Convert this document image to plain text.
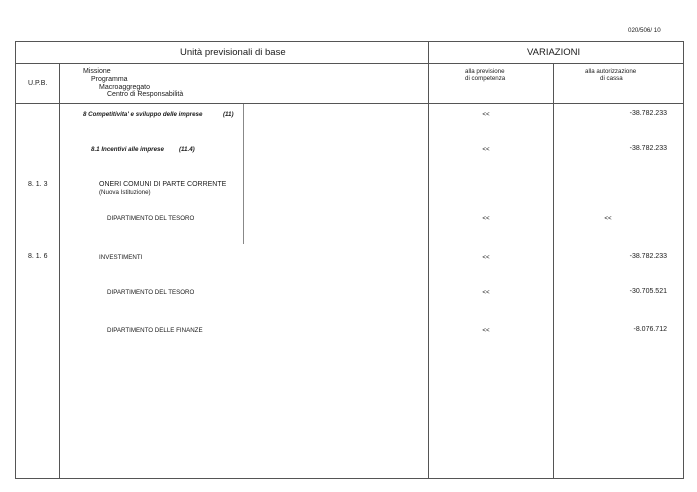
020/506/ 10
Unità previsionali di base	VARIAZIONI
U.P.B.
Missione
Programma
Macroaggregato
Centro di Responsabilità
alla previsione
di competenza
alla autorizzazione
di cassa
8 Competitivita' e sviluppo delle imprese	(11)	<<	-38.782.233
8.1 Incentivi alle imprese (11.4)	<<	-38.782.233
8. 1. 3	ONERI COMUNI DI PARTE CORRENTE
(Nuova Istituzione)
DIPARTIMENTO DEL TESORO	<<	<<
8. 1. 6	INVESTIMENTI	<<	-38.782.233
DIPARTIMENTO DEL TESORO	<<	-30.705.521
DIPARTIMENTO DELLE FINANZE	<<	-8.076.712
